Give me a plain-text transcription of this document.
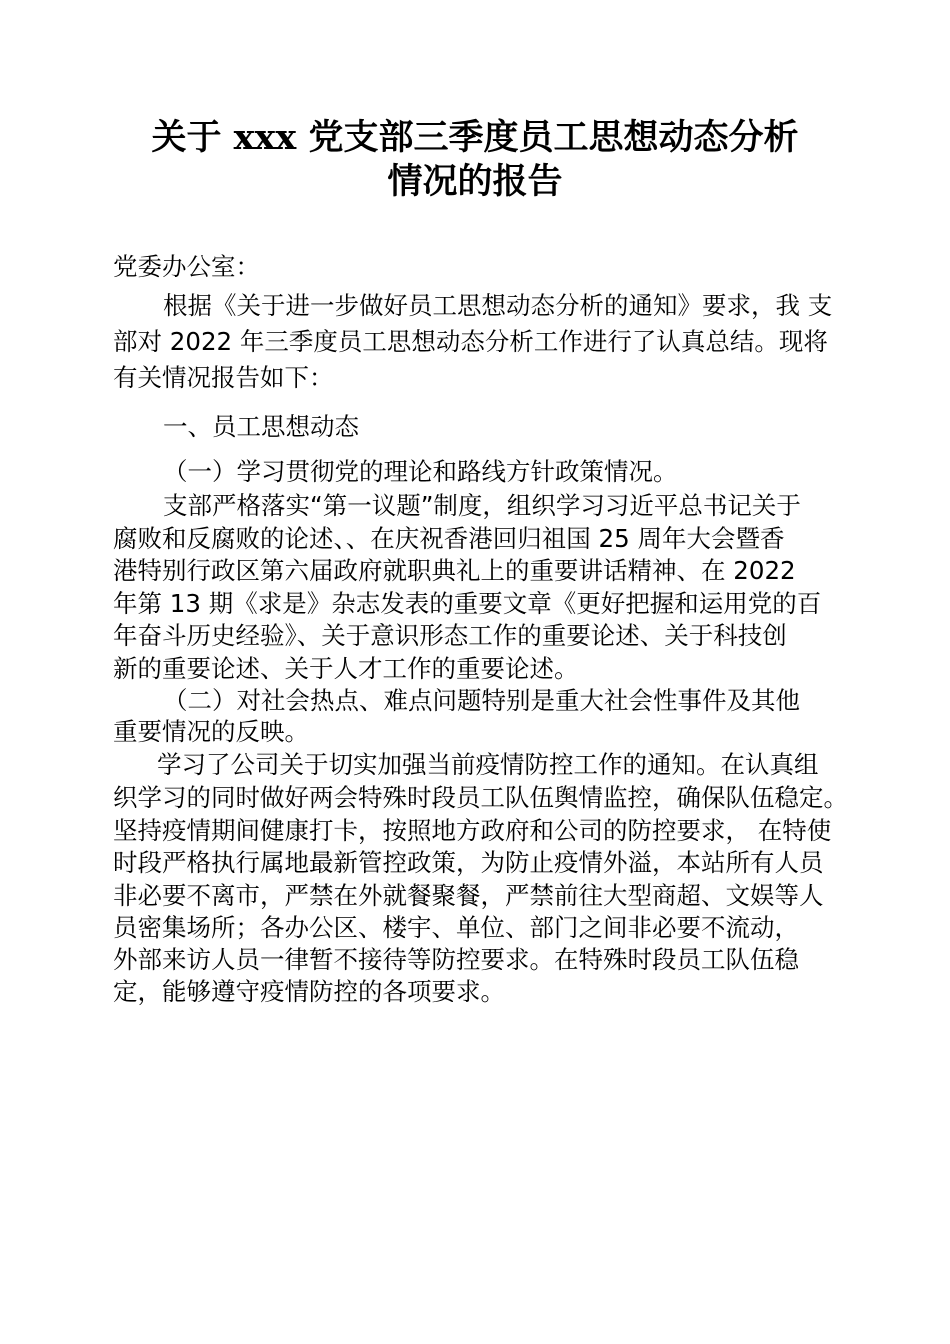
关于 xxx 党支部三季度员工思想动态分析
情况的报告
党委办公室：
根据《关于进一步做好员工思想动态分析的通知》要求，我 支
部对 2022 年三季度员工思想动态分析工作进行了认真总结。现将
有关情况报告如下：
一、员工思想动态
（一）学习贯彻党的理论和路线方针政策情况。
支部严格落实“第一议题”制度，组织学习习近平总书记关于
腐败和反腐败的论述、、在庆祝香港回归祖国 25 周年大会暨香
港特别行政区第六届政府就职典礼上的重要讲话精神、在 2022
年第 13 期《求是》杂志发表的重要文章《更好把握和运用党的百
年奋斗历史经验》、关于意识形态工作的重要论述、关于科技创
新的重要论述、关于人才工作的重要论述。
（二）对社会热点、难点问题特别是重大社会性事件及其他
重要情况的反映。
学习了公司关于切实加强当前疫情防控工作的通知。在认真组
织学习的同时做好两会特殊时段员工队伍舆情监控，确保队伍稳定。
坚持疫情期间健康打卡，按照地方政府和公司的防控要求， 在特使
时段严格执行属地最新管控政策，为防止疫情外溢，本站所有人员
非必要不离市，严禁在外就餐聚餐，严禁前往大型商超、文娱等人
员密集场所；各办公区、楼宇、单位、部门之间非必要不流动，
外部来访人员一律暂不接待等防控要求。在特殊时段员工队伍稳
定，能够遵守疫情防控的各项要求。
